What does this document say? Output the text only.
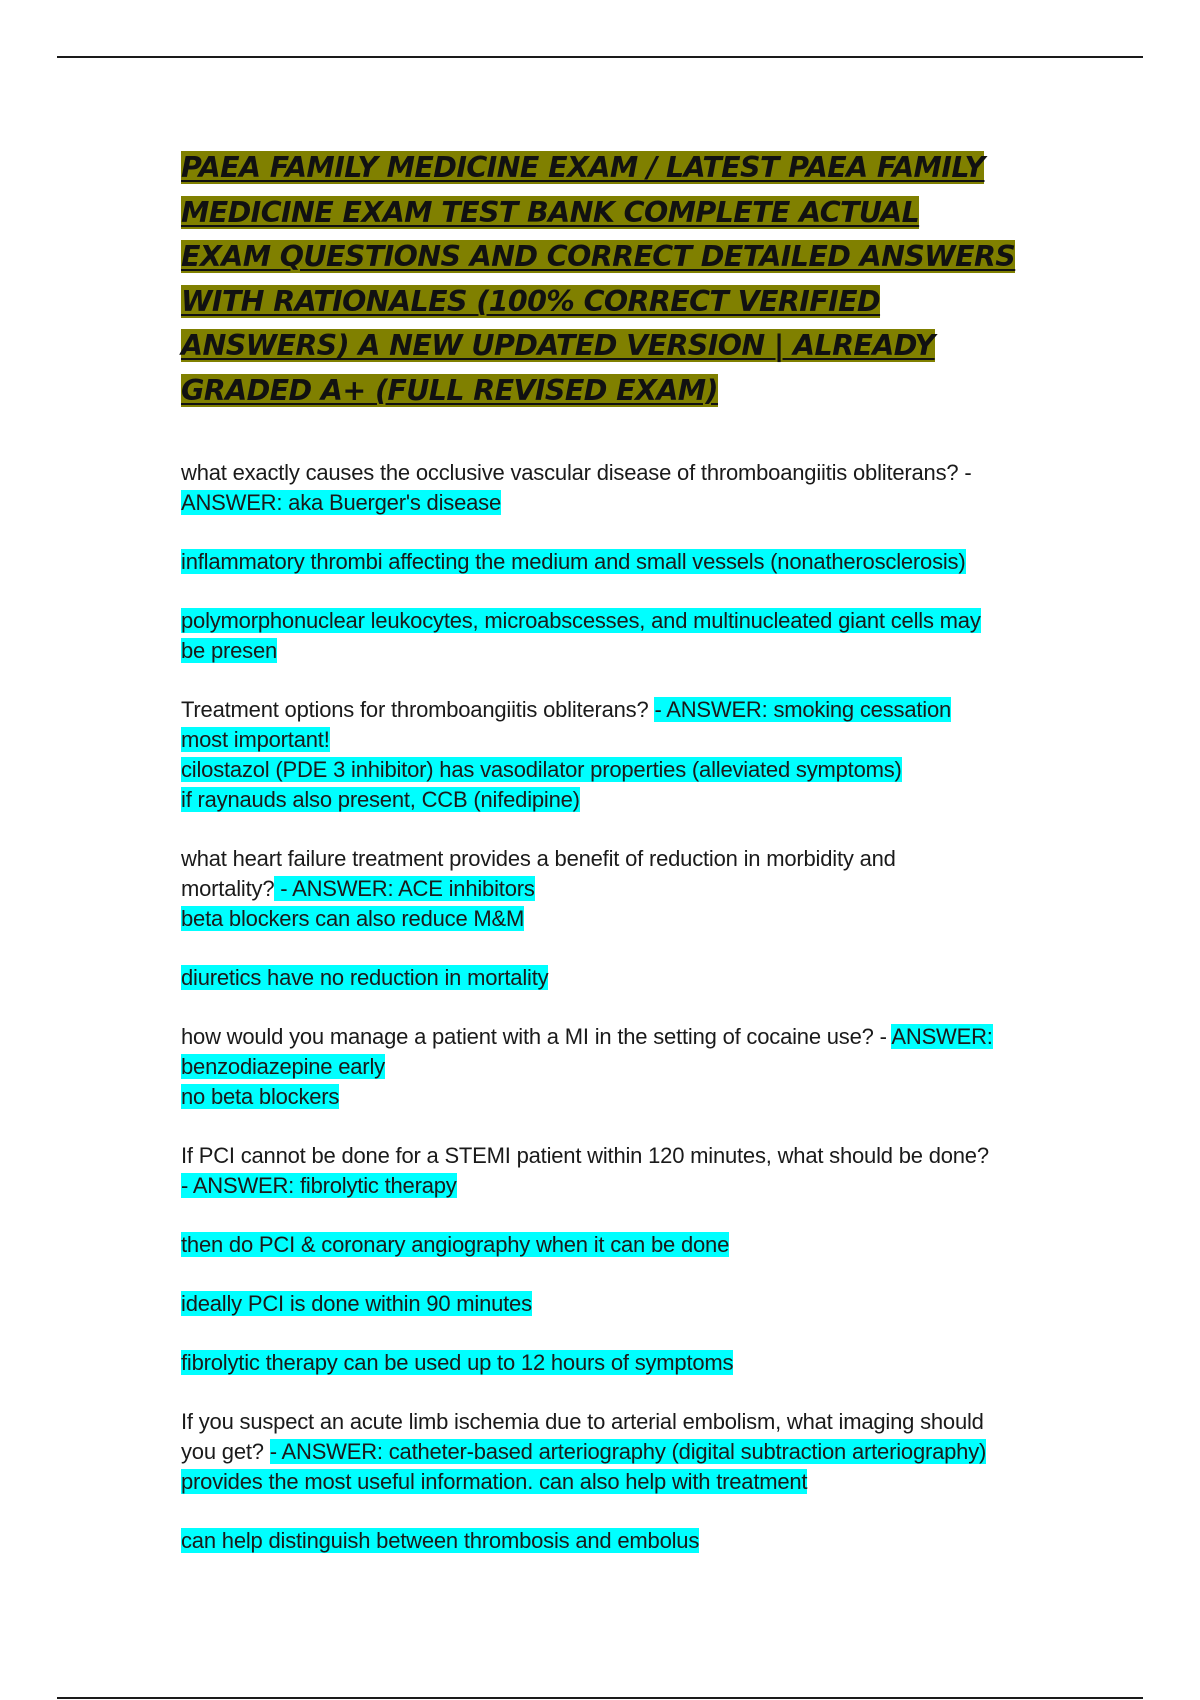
PAEA FAMILY MEDICINE EXAM / LATEST PAEA FAMILY MEDICINE EXAM TEST BANK COMPLETE ACTUAL EXAM QUESTIONS AND CORRECT DETAILED ANSWERS WITH RATIONALES (100% CORRECT VERIFIED ANSWERS) A NEW UPDATED VERSION | ALREADY GRADED A+ (FULL REVISED EXAM)

what exactly causes the occlusive vascular disease of thromboangiitis obliterans? -
ANSWER: aka Buerger's disease

inflammatory thrombi affecting the medium and small vessels (nonatherosclerosis)

polymorphonuclear leukocytes, microabscesses, and multinucleated giant cells may
be presen

Treatment options for thromboangiitis obliterans? - ANSWER: smoking cessation
most important!
cilostazol (PDE 3 inhibitor) has vasodilator properties (alleviated symptoms)
if raynauds also present, CCB (nifedipine)

what heart failure treatment provides a benefit of reduction in morbidity and
mortality? - ANSWER: ACE inhibitors
beta blockers can also reduce M&M

diuretics have no reduction in mortality

how would you manage a patient with a MI in the setting of cocaine use? - ANSWER:
benzodiazepine early
no beta blockers

If PCI cannot be done for a STEMI patient within 120 minutes, what should be done?
- ANSWER: fibrolytic therapy

then do PCI & coronary angiography when it can be done

ideally PCI is done within 90 minutes

fibrolytic therapy can be used up to 12 hours of symptoms

If you suspect an acute limb ischemia due to arterial embolism, what imaging should
you get? - ANSWER: catheter-based arteriography (digital subtraction arteriography)
provides the most useful information. can also help with treatment

can help distinguish between thrombosis and embolus
